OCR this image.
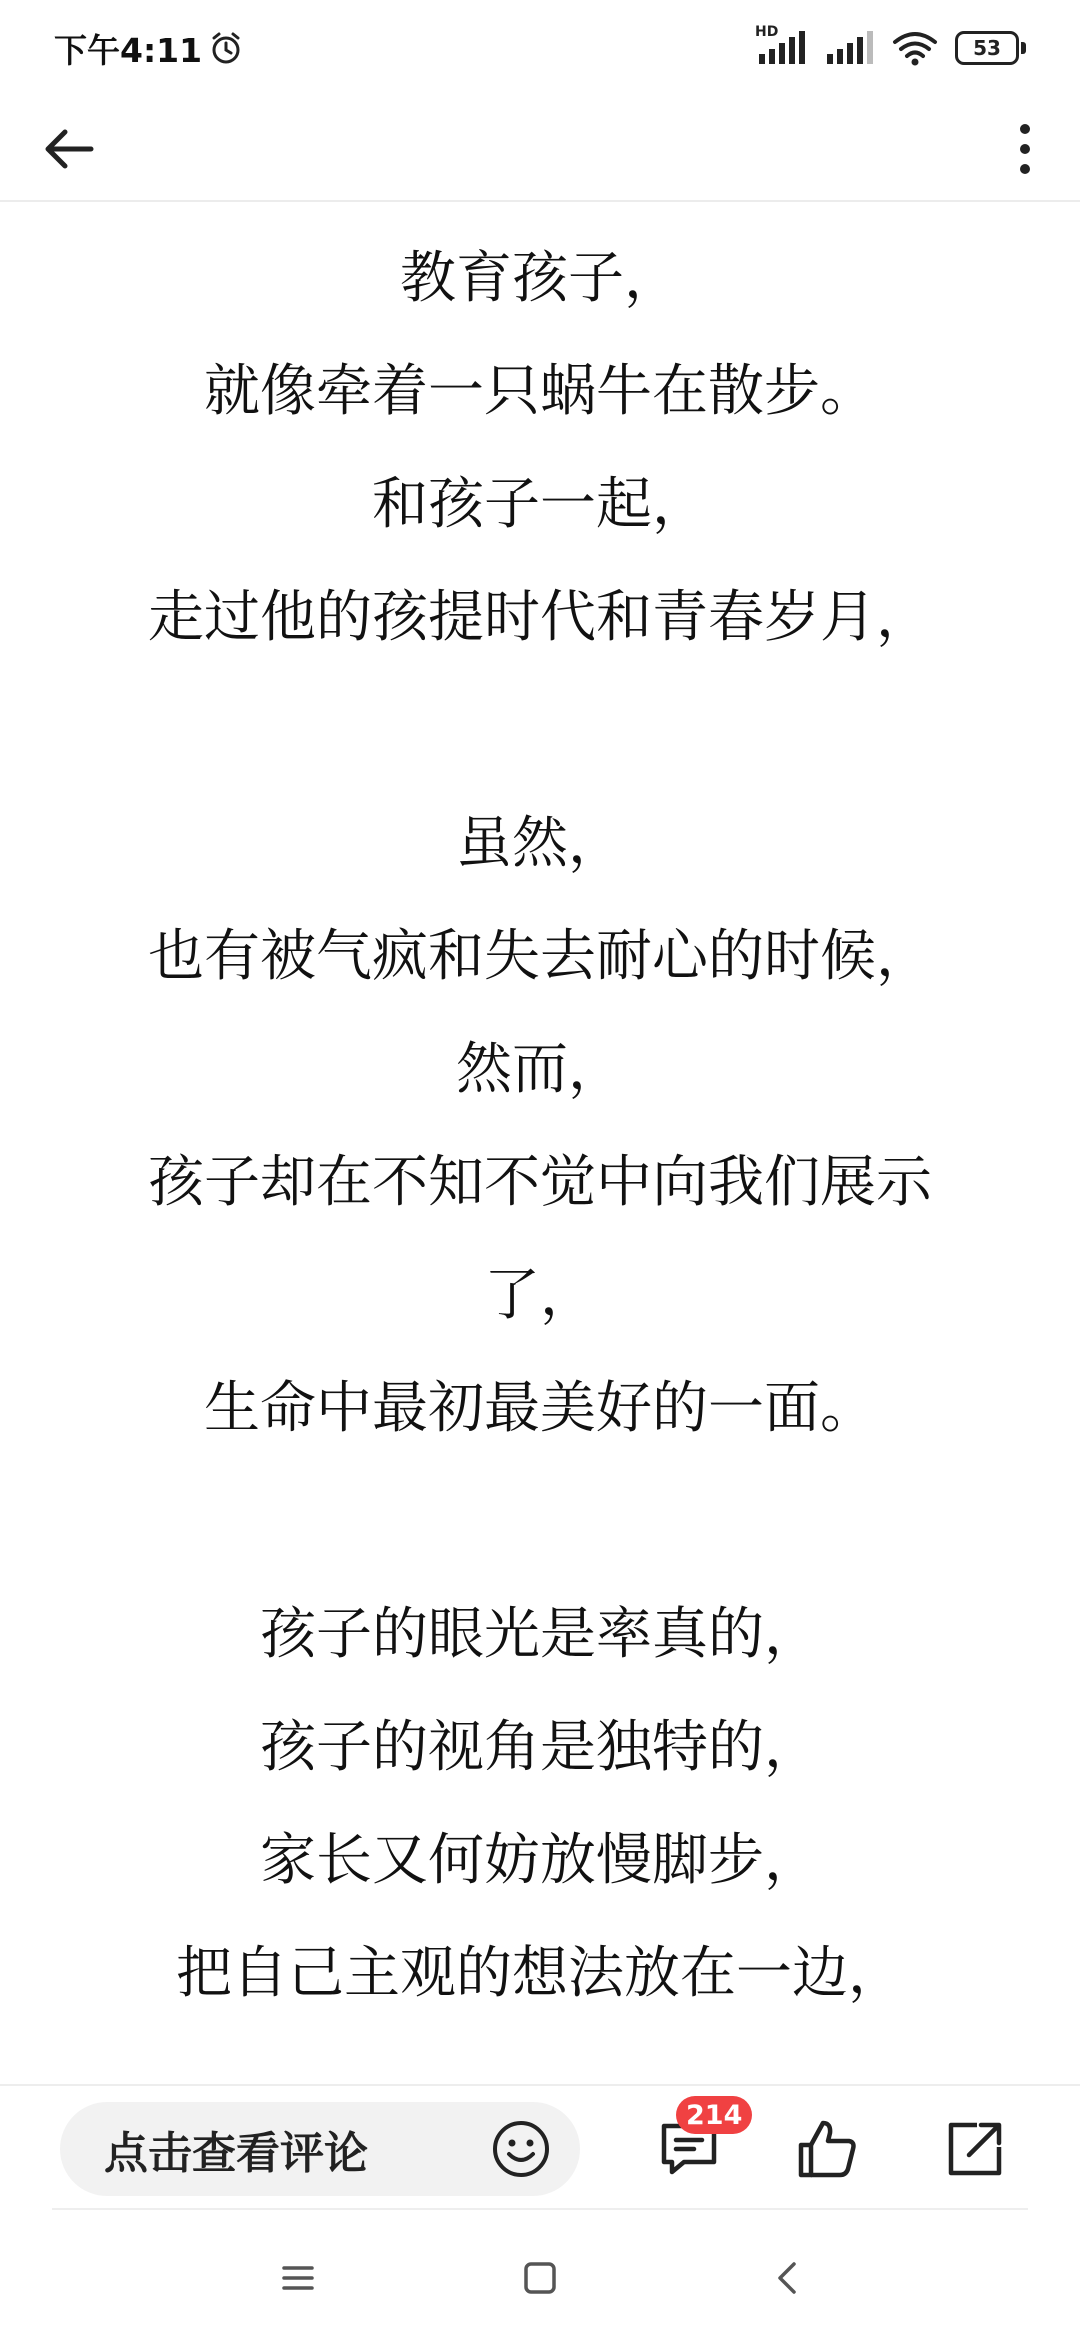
下午4:11	HD
53
教育孩子，
就像牵着一只蜗牛在散步。
和孩子一起，
走过他的孩提时代和青春岁月，
虽然，
也有被气疯和失去耐心的时候，
然而，
孩子却在不知不觉中向我们展示
了，
生命中最初最美好的一面。
孩子的眼光是率真的，
孩子的视角是独特的，
家长又何妨放慢脚步，
把自己主观的想法放在一边，
点击查看评论
214
